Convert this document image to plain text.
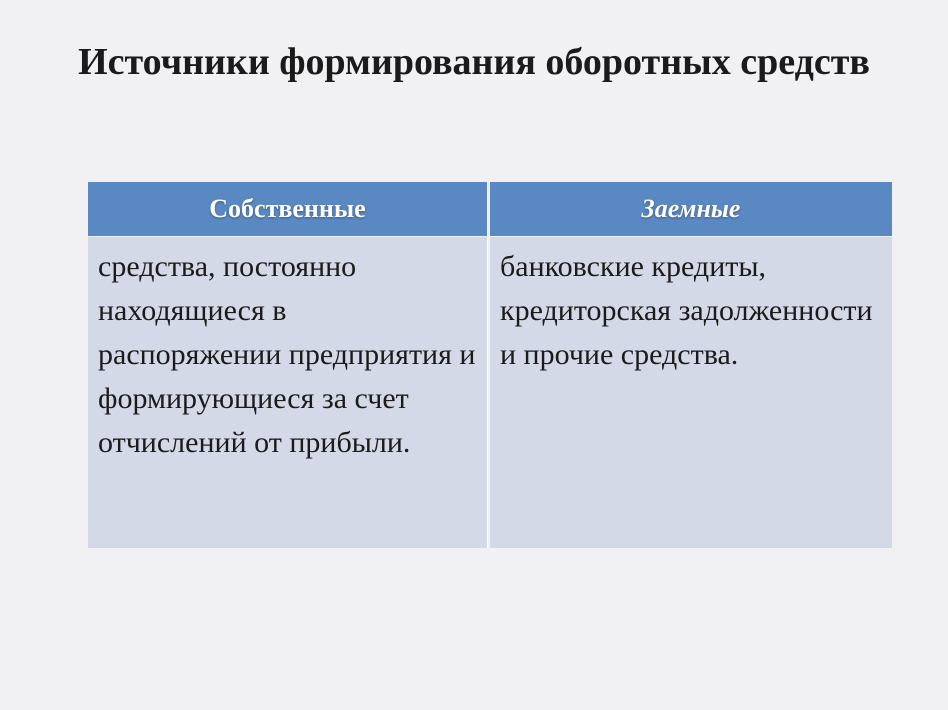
Источники формирования оборотных средств
Собственные	Заемные
средства, постоянно находящиеся в распоряжении предприятия и формирующиеся за счет отчислений от прибыли.
банковские кредиты, кредиторская задолженности и прочие средства.
